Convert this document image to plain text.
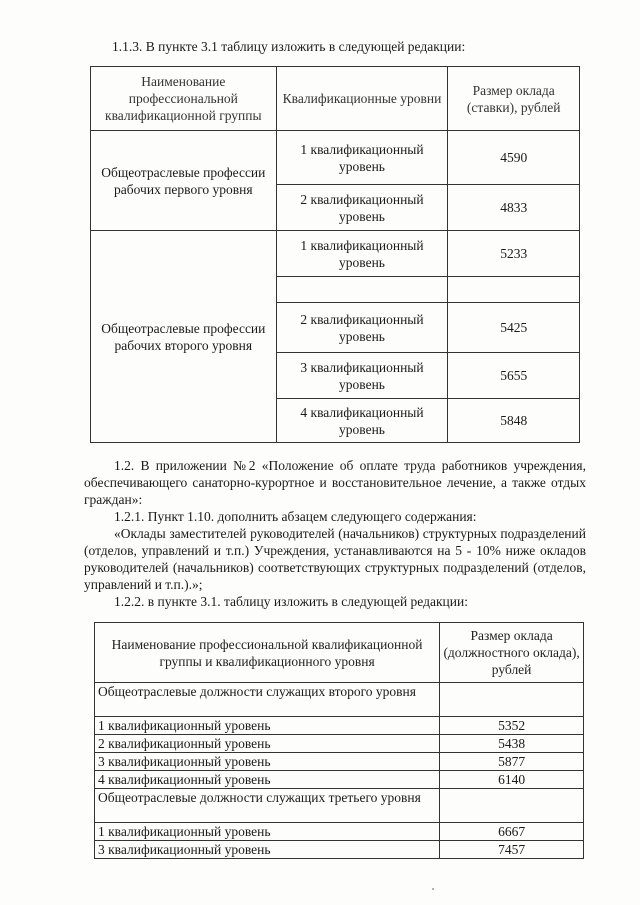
1.1.3. В пункте 3.1 таблицу изложить в следующей редакции:

Наименование профессиональной квалификационной группы	Квалификационные уровни	Размер оклада (ставки), рублей
Общеотраслевые профессии рабочих первого уровня	1 квалификационный уровень	4590
	2 квалификационный уровень	4833
Общеотраслевые профессии рабочих второго уровня	1 квалификационный уровень	5233

	2 квалификационный уровень	5425
	3 квалификационный уровень	5655
	4 квалификационный уровень	5848

1.2. В приложении №2 «Положение об оплате труда работников учреждения, обеспечивающего санаторно-курортное и восстановительное лечение, а также отдых граждан»:

1.2.1. Пункт 1.10. дополнить абзацем следующего содержания:

«Оклады заместителей руководителей (начальников) структурных подразделений (отделов, управлений и т.п.) Учреждения, устанавливаются на 5 - 10% ниже окладов руководителей (начальников) соответствующих структурных подразделений (отделов, управлений и т.п.).»;

1.2.2. в пункте 3.1. таблицу изложить в следующей редакции:

Наименование профессиональной квалификационной группы и квалификационного уровня	Размер оклада (должностного оклада), рублей
Общеотраслевые должности служащих второго уровня	
1 квалификационный уровень	5352
2 квалификационный уровень	5438
3 квалификационный уровень	5877
4 квалификационный уровень	6140
Общеотраслевые должности служащих третьего уровня	
1 квалификационный уровень	6667
3 квалификационный уровень	7457
